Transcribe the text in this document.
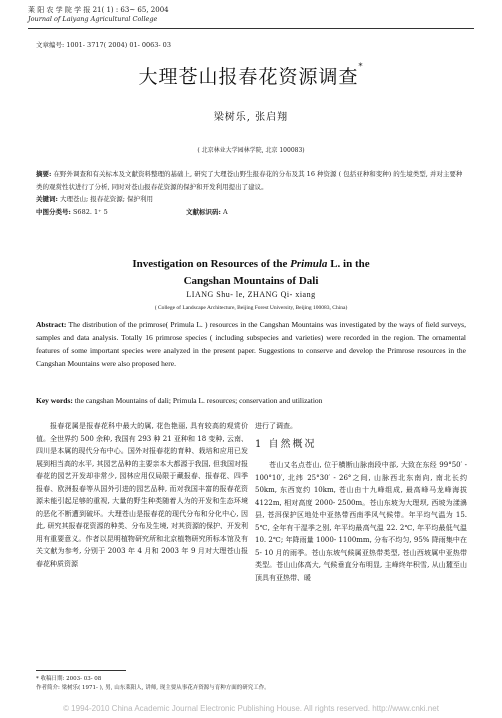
莱 阳 农 学 院 学 报 21( 1) : 63~ 65, 2004
Journal of Laiyang Agricultural College
文章编号: 1001- 3717( 2004) 01- 0063- 03
大理苍山报春花资源调查*
梁树乐, 张启翔
( 北京林业大学园林学院, 北京 100083)
摘要: 在野外调查和有关标本及文献资料整理的基础上, 研究了大理苍山野生报春花的分布及其 16 种资源 ( 包括亚种和变种) 的生境类型, 并对主要种类的观赏性状进行了分析, 同时对苍山报春花资源的保护和开发利用提出了建议。
关键词: 大理苍山; 报春花资源; 保护利用
中图分类号: S682. 1⁺ 5	文献标识码: A
Investigation on Resources of the Primula L. in the
Cangshan Mountains of Dali
LIANG Shu- le, ZHANG Qi- xiang
( College of Landscape Architecture, Beijing Forest University, Beijing 100083, China)
Abstract: The distribution of the primrose( Primula L. ) resources in the Cangshan Mountains was investigated by the ways of field surveys, samples and data analysis. Totally 16 primrose species ( including subspecies and varieties) were recorded in the region. The ornamental features of some important species were analyzed in the present paper. Suggestions to conserve and develop the Primrose resources in the Cangshan Mountains were also proposed here.
Key words: the cangshan Mountains of dali; Primula L. resources; conservation and utilization

报春花属是报春花科中最大的属, 花色艳丽, 具有较高的观赏价值。全世界约 500 余种, 我国有 293 种 21 亚种和 18 变种, 云南、四川是本属的现代分布中心。国外对报春花的育种、栽培和应用已发展到相当高的水平, 其园艺品种的主要亲本大都源于我国, 但我国对报春花的园艺开发却非常少, 园林应用仅局限于藏报春、报春花、四季报春、欧洲报春等从国外引进的园艺品种, 而对我国丰富的报春花资源未能引起足够的重视, 大量的野生种类随着人为的开发和生态环境的恶化不断遭到破坏。大理苍山是报春花的现代分布和分化中心, 因此, 研究其报春花资源的种类、分布及生境, 对其资源的保护、开发利用有重要意义。作者以昆明植物研究所和北京植物研究所标本馆及有关文献为参考, 分别于 2003 年 4 月和 2003 年 9 月对大理苍山报春花种质资源

进行了调查。
1 自然概况

苍山又名点苍山, 位于横断山脉南段中部, 大致在东经 99°50′ - 100°10′, 北纬 25°30′ - 26°之间, 山脉西北东南向, 南北长约 50km, 东西宽约 10km, 苍山由十九峰组成, 最高峰马龙峰海拔 4122m, 相对高度 2000- 2500m。苍山东坡为大理坝, 西坡为漾濞县, 苍洱保护区地处中亚热带西南季风气候带。年平均气温为 15. 5℃, 全年有干湿季之别, 年平均最高气温 22. 2℃, 年平均最低气温 10. 2℃; 年降雨量 1000- 1100mm, 分布不均匀, 95% 降雨集中在 5- 10 月的雨季。苍山东坡气候属亚热带类型, 苍山西坡属中亚热带类型。苍山山体高大, 气候垂直分布明显, 主峰终年积雪, 从山麓至山顶具有亚热带、暖

* 收稿日期: 2003- 03- 08
作者简介: 梁树乐( 1971- ), 男, 山东莱阳人, 讲师, 现主要从事花卉资源与育种方面的研究工作。
© 1994-2010 China Academic Journal Electronic Publishing House. All rights reserved. http://www.cnki.net
